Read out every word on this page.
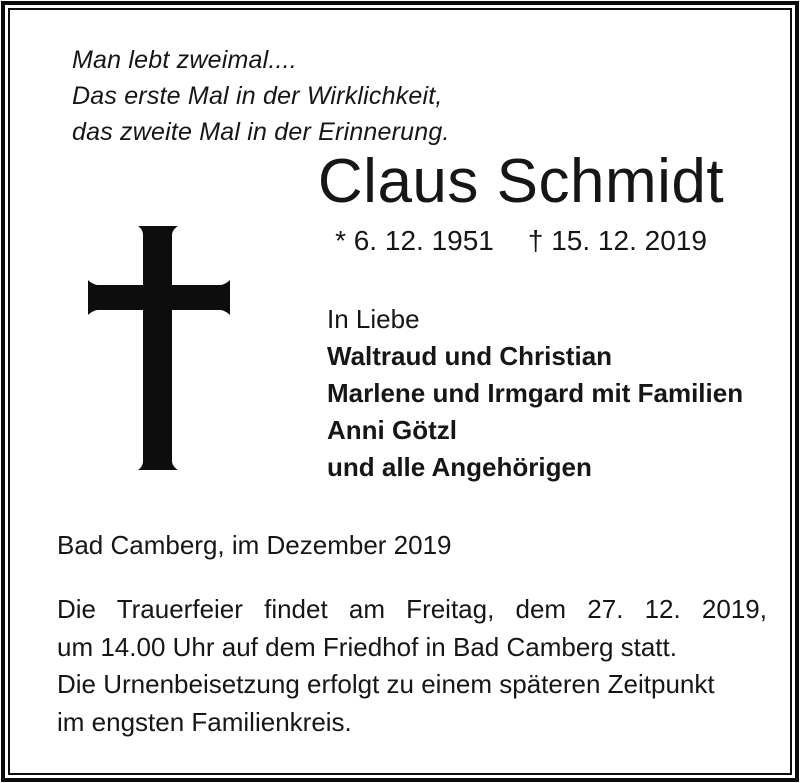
Man lebt zweimal....
Das erste Mal in der Wirklichkeit,
das zweite Mal in der Erinnerung.
Claus Schmidt
* 6. 12. 1951 † 15. 12. 2019
In Liebe
Waltraud und Christian
Marlene und Irmgard mit Familien
Anni Götzl
und alle Angehörigen
Bad Camberg, im Dezember 2019
Die Trauerfeier findet am Freitag, dem 27. 12. 2019,
um 14.00 Uhr auf dem Friedhof in Bad Camberg statt.
Die Urnenbeisetzung erfolgt zu einem späteren Zeitpunkt
im engsten Familienkreis.
